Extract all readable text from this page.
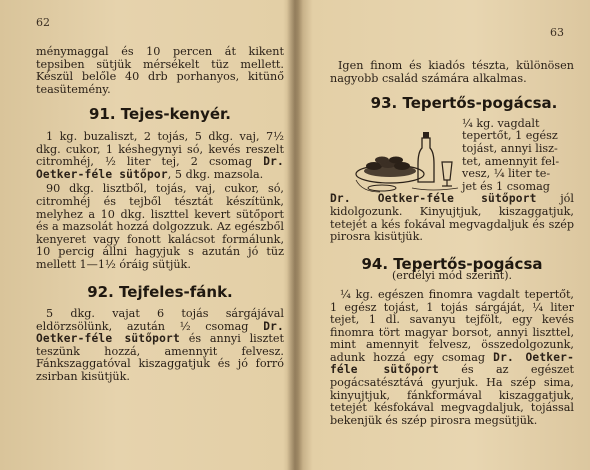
62

ménymaggal és 10 percen át kikent tepsiben sütjük mérsékelt tüz mellett. Készül belőle 40 drb porhanyos, kitünő teasütemény.

91. Tejes-kenyér.

1 kg. buzaliszt, 2 tojás, 5 dkg. vaj, 7½ dkg. cukor, 1 késhegynyi só, kevés reszelt citromhéj, ½ liter tej, 2 csomag Dr. Oetker-féle sütőpor, 5 dkg. mazsola.

90 dkg. lisztből, tojás, vaj, cukor, só, citromhéj és tejből tésztát készítünk, melyhez a 10 dkg. liszttel kevert sütőport és a mazsolát hozzá dolgozzuk. Az egészből kenyeret vagy fonott kalácsot formálunk, 10 percig állni hagyjuk s azután jó tüz mellett 1—1½ óráig sütjük.

92. Tejfeles-fánk.

5 dkg. vajat 6 tojás sárgájával eldörzsölünk, azután ½ csomag Dr. Oetker-féle sütőport és annyi lisztet teszünk hozzá, amennyit felvesz. Fánkszaggatóval kiszaggatjuk és jó forró zsirban kisütjük.

63

Igen finom és kiadós tészta, különösen nagyobb család számára alkalmas.

93. Tepertős-pogácsa.

¼ kg. vagdalt
tepertőt, 1 egész
tojást, annyi lisz-
tet, amennyit fel-
vesz, ¼ liter te-
jet és 1 csomag

Dr. Oetker-féle sütőport jól kidolgozunk. Kinyujtjuk, kiszaggatjuk, tetejét a kés fokával megvagdaljuk és szép pirosra kisütjük.

94. Tepertős-pogácsa

(erdélyi mód szerint).

¼ kg. egészen finomra vagdalt tepertőt, 1 egész tojást, 1 tojás sárgáját, ¼ liter tejet, 1 dl. savanyu tejfölt, egy kevés finomra tört magyar borsot, annyi liszttel, mint amennyit felvesz, összedolgozunk, adunk hozzá egy csomag Dr. Oetker-féle sütőport és az egészet pogácsatésztává gyurjuk. Ha szép sima, kinyujtjuk, fánkformával kiszaggatjuk, tetejét késfokával megvagdaljuk, tojással bekenjük és szép pirosra megsütjük.
